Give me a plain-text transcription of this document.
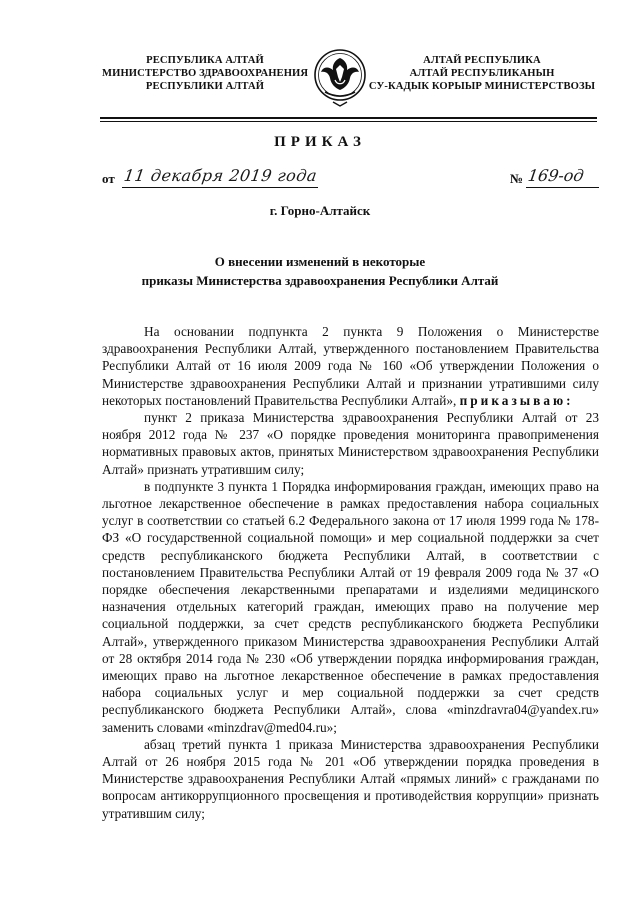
РЕСПУБЛИКА АЛТАЙ
МИНИСТЕРСТВО ЗДРАВООХРАНЕНИЯ
РЕСПУБЛИКИ АЛТАЙ
АЛТАЙ РЕСПУБЛИКА
АЛТАЙ РЕСПУБЛИКАНЫН
СУ-КАДЫК КОРЫЫР МИНИСТЕРСТВОЗЫ
ПРИКАЗ
от 11 декабря 2019 года	№ 169-од
г. Горно-Алтайск
О внесении изменений в некоторые
приказы Министерства здравоохранения Республики Алтай

На основании подпункта 2 пункта 9 Положения о Министерстве здравоохранения Республики Алтай, утвержденного постановлением Правительства Республики Алтай от 16 июля 2009 года № 160 «Об утверждении Положения о Министерстве здравоохранения Республики Алтай и признании утратившими силу некоторых постановлений Правительства Республики Алтай», приказываю:

пункт 2 приказа Министерства здравоохранения Республики Алтай от 23 ноября 2012 года № 237 «О порядке проведения мониторинга правоприменения нормативных правовых актов, принятых Министерством здравоохранения Республики Алтай» признать утратившим силу;

в подпункте 3 пункта 1 Порядка информирования граждан, имеющих право на льготное лекарственное обеспечение в рамках предоставления набора социальных услуг в соответствии со статьей 6.2 Федерального закона от 17 июля 1999 года № 178-ФЗ «О государственной социальной помощи» и мер социальной поддержки за счет средств республиканского бюджета Республики Алтай, в соответствии с постановлением Правительства Республики Алтай от 19 февраля 2009 года № 37 «О порядке обеспечения лекарственными препаратами и изделиями медицинского назначения отдельных категорий граждан, имеющих право на получение мер социальной поддержки, за счет средств республиканского бюджета Республики Алтай», утвержденного приказом Министерства здравоохранения Республики Алтай от 28 октября 2014 года № 230 «Об утверждении порядка информирования граждан, имеющих право на льготное лекарственное обеспечение в рамках предоставления набора социальных услуг и мер социальной поддержки за счет средств республиканского бюджета Республики Алтай», слова «minzdravra04@yandex.ru» заменить словами «minzdrav@med04.ru»;

абзац третий пункта 1 приказа Министерства здравоохранения Республики Алтай от 26 ноября 2015 года № 201 «Об утверждении порядка проведения в Министерстве здравоохранения Республики Алтай «прямых линий» с гражданами по вопросам антикоррупционного просвещения и противодействия коррупции» признать утратившим силу;
